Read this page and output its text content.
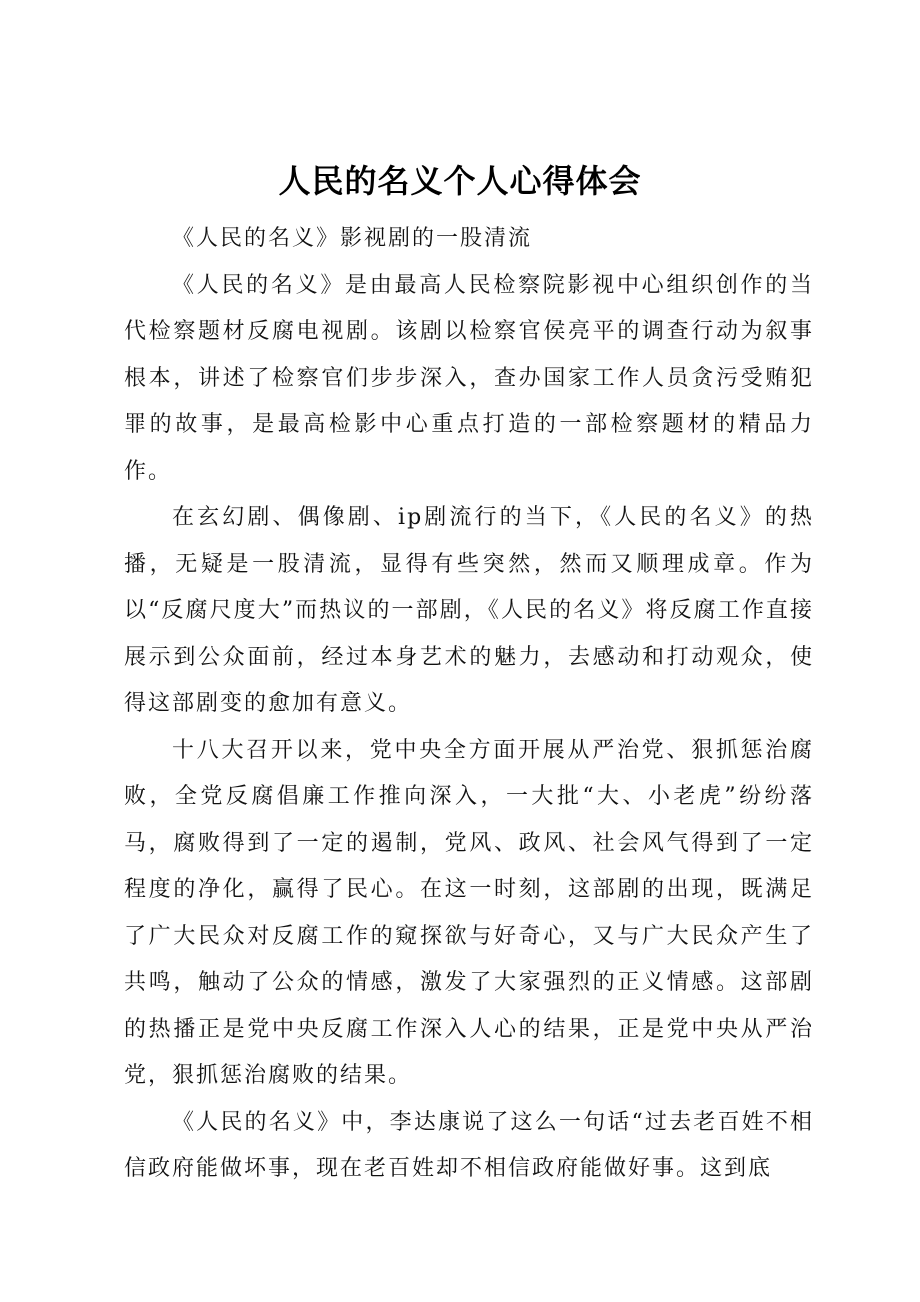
人民的名义个人心得体会

《人民的名义》影视剧的一股清流

《人民的名义》是由最高人民检察院影视中心组织创作的当代检察题材反腐电视剧。该剧以检察官侯亮平的调查行动为叙事根本，讲述了检察官们步步深入，查办国家工作人员贪污受贿犯罪的故事，是最高检影中心重点打造的一部检察题材的精品力作。

在玄幻剧、偶像剧、ip剧流行的当下，《人民的名义》的热播，无疑是一股清流，显得有些突然，然而又顺理成章。作为以“反腐尺度大”而热议的一部剧，《人民的名义》将反腐工作直接展示到公众面前，经过本身艺术的魅力，去感动和打动观众，使得这部剧变的愈加有意义。

十八大召开以来，党中央全方面开展从严治党、狠抓惩治腐败，全党反腐倡廉工作推向深入，一大批“大、小老虎”纷纷落马，腐败得到了一定的遏制，党风、政风、社会风气得到了一定程度的净化，赢得了民心。在这一时刻，这部剧的出现，既满足了广大民众对反腐工作的窥探欲与好奇心，又与广大民众产生了共鸣，触动了公众的情感，激发了大家强烈的正义情感。这部剧的热播正是党中央反腐工作深入人心的结果，正是党中央从严治党，狠抓惩治腐败的结果。

《人民的名义》中，李达康说了这么一句话“过去老百姓不相信政府能做坏事，现在老百姓却不相信政府能做好事。这到底
